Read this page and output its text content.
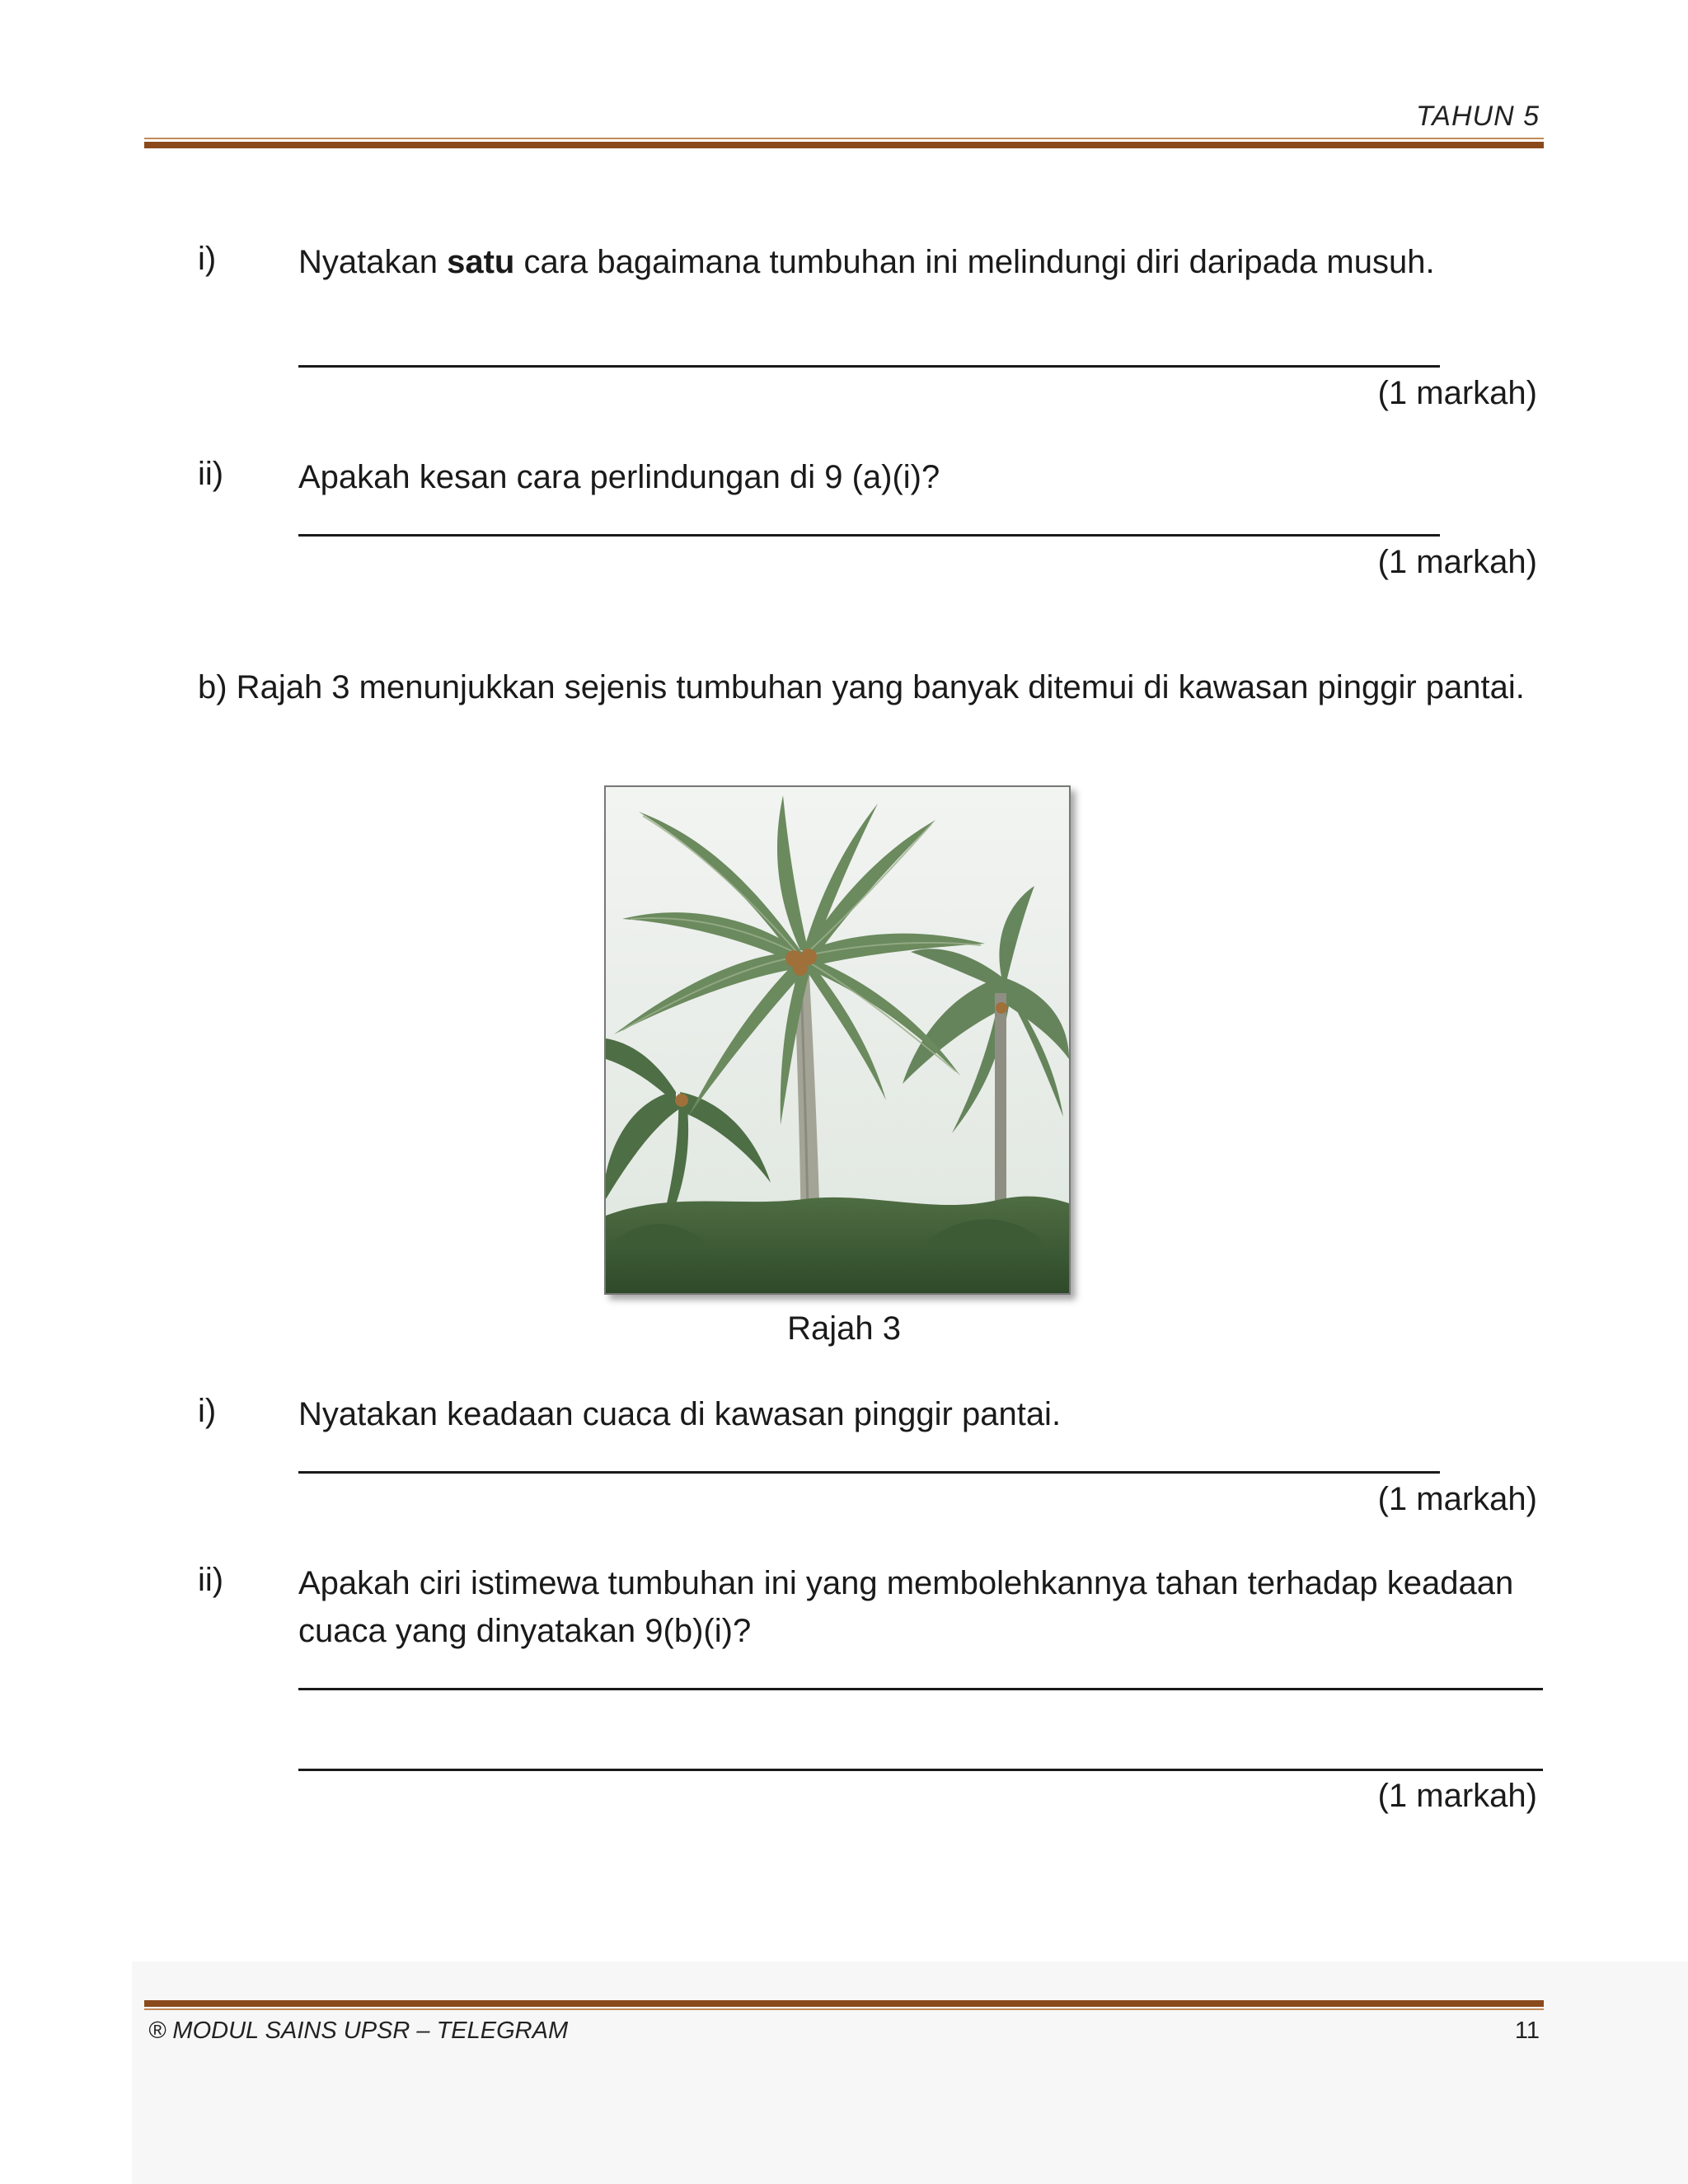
TAHUN 5
i) Nyatakan satu cara bagaimana tumbuhan ini melindungi diri daripada musuh.
(1 markah)
ii) Apakah kesan cara perlindungan di 9 (a)(i)?
(1 markah)
b) Rajah 3 menunjukkan sejenis tumbuhan yang banyak ditemui di kawasan pinggir pantai.
Rajah 3
i) Nyatakan keadaan cuaca di kawasan pinggir pantai.
(1 markah)
ii) Apakah ciri istimewa tumbuhan ini yang membolehkannya tahan terhadap keadaan cuaca yang dinyatakan 9(b)(i)?
(1 markah)
® MODUL SAINS UPSR – TELEGRAM	11
